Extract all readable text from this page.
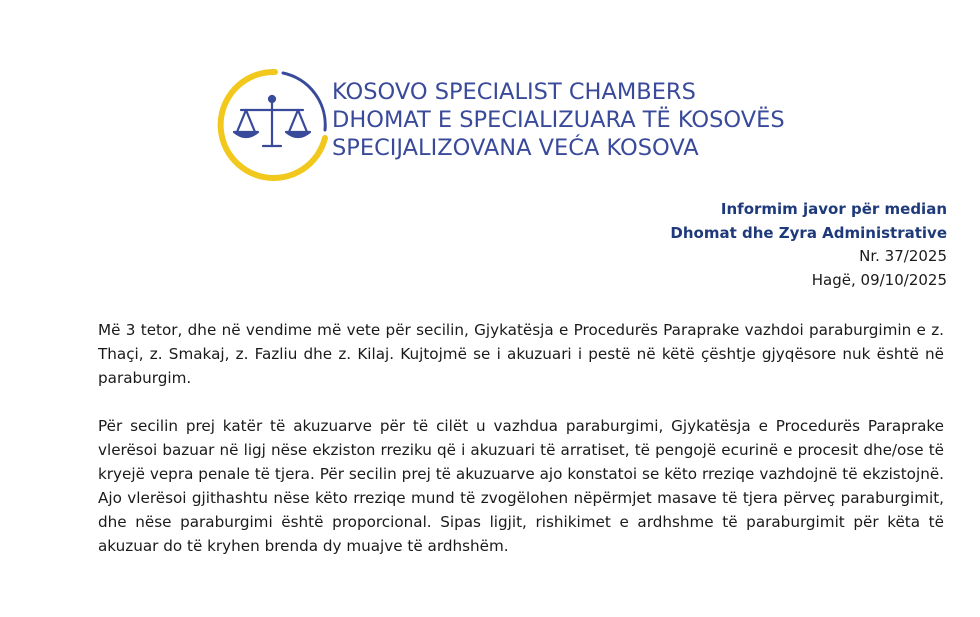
KOSOVO SPECIALIST CHAMBERS
DHOMAT E SPECIALIZUARA TË KOSOVËS
SPECIJALIZOVANA VEĆA KOSOVA
Informim javor për median
Dhomat dhe Zyra Administrative
Nr. 37/2025
Hagë, 09/10/2025

Më 3 tetor, dhe në vendime më vete për secilin, Gjykatësja e Procedurës Paraprake vazhdoi paraburgimin e z. Thaçi, z. Smakaj, z. Fazliu dhe z. Kilaj. Kujtojmë se i akuzuari i pestë në këtë çështje gjyqësore nuk është në paraburgim.

Për secilin prej katër të akuzuarve për të cilët u vazhdua paraburgimi, Gjykatësja e Procedurës Paraprake vlerësoi bazuar në ligj nëse ekziston rreziku që i akuzuari të arratiset, të pengojë ecurinë e procesit dhe/ose të kryejë vepra penale të tjera. Për secilin prej të akuzuarve ajo konstatoi se këto rreziqe vazhdojnë të ekzistojnë. Ajo vlerësoi gjithashtu nëse këto rreziqe mund të zvogëlohen nëpërmjet masave të tjera përveç paraburgimit, dhe nëse paraburgimi është proporcional. Sipas ligjit, rishikimet e ardhshme të paraburgimit për këta të akuzuar do të kryhen brenda dy muajve të ardhshëm.
